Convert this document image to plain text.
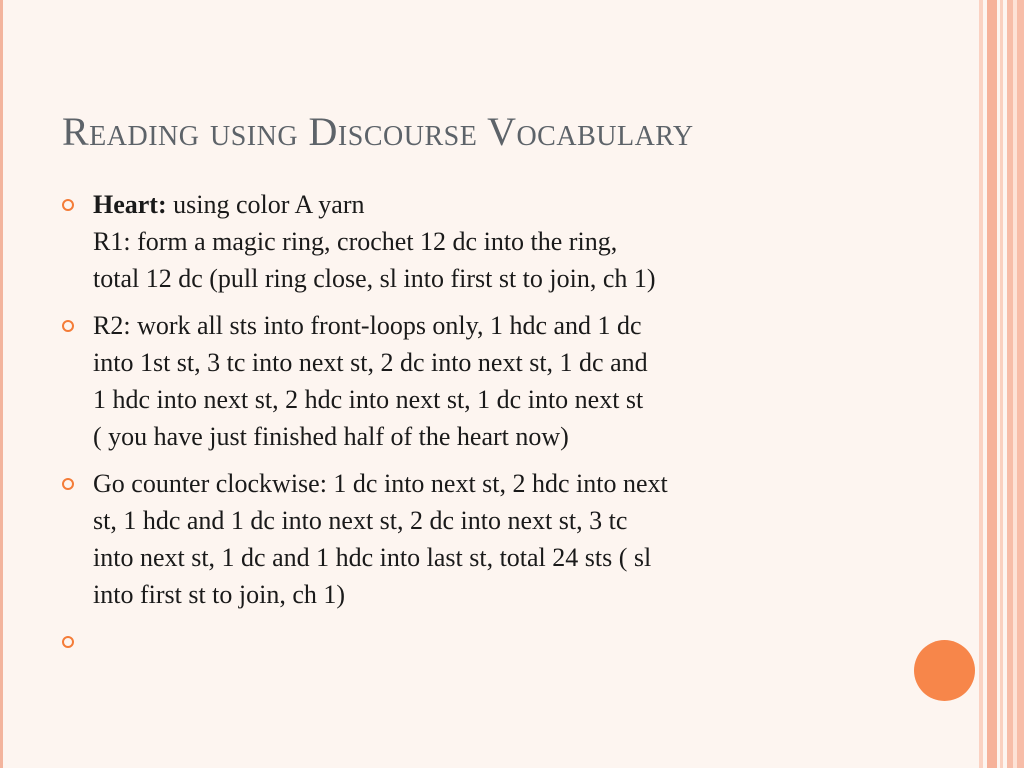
Reading using Discourse Vocabulary
Heart: using color A yarn
R1: form a magic ring, crochet 12 dc into the ring,
total 12 dc (pull ring close, sl into first st to join, ch 1)
R2: work all sts into front-loops only, 1 hdc and 1 dc
into 1st st, 3 tc into next st, 2 dc into next st, 1 dc and
1 hdc into next st, 2 hdc into next st, 1 dc into next st
( you have just finished half of the heart now)
Go counter clockwise: 1 dc into next st, 2 hdc into next
st, 1 hdc and 1 dc into next st, 2 dc into next st, 3 tc
into next st, 1 dc and 1 hdc into last st, total 24 sts ( sl
into first st to join, ch 1)
